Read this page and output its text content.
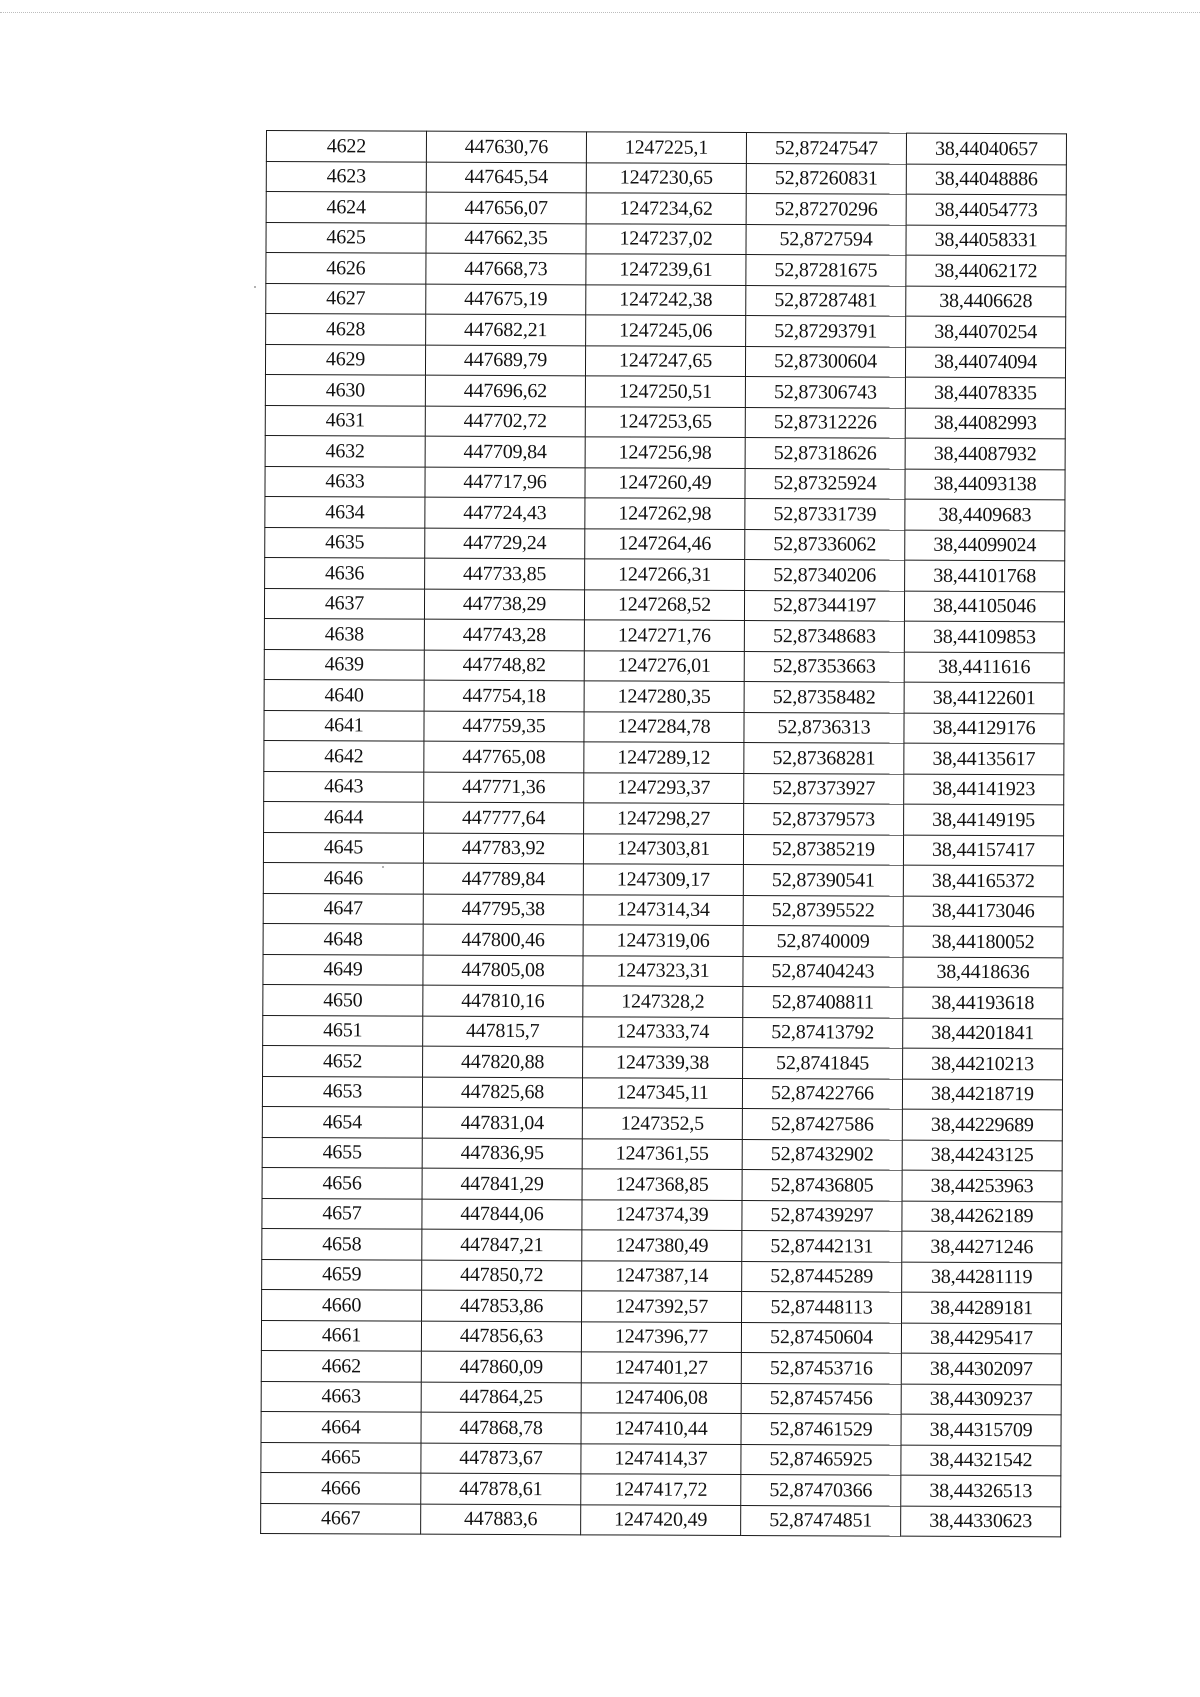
4622	447630,76	1247225,1	52,87247547	38,44040657
4623	447645,54	1247230,65	52,87260831	38,44048886
4624	447656,07	1247234,62	52,87270296	38,44054773
4625	447662,35	1247237,02	52,8727594	38,44058331
4626	447668,73	1247239,61	52,87281675	38,44062172
4627	447675,19	1247242,38	52,87287481	38,4406628
4628	447682,21	1247245,06	52,87293791	38,44070254
4629	447689,79	1247247,65	52,87300604	38,44074094
4630	447696,62	1247250,51	52,87306743	38,44078335
4631	447702,72	1247253,65	52,87312226	38,44082993
4632	447709,84	1247256,98	52,87318626	38,44087932
4633	447717,96	1247260,49	52,87325924	38,44093138
4634	447724,43	1247262,98	52,87331739	38,4409683
4635	447729,24	1247264,46	52,87336062	38,44099024
4636	447733,85	1247266,31	52,87340206	38,44101768
4637	447738,29	1247268,52	52,87344197	38,44105046
4638	447743,28	1247271,76	52,87348683	38,44109853
4639	447748,82	1247276,01	52,87353663	38,4411616
4640	447754,18	1247280,35	52,87358482	38,44122601
4641	447759,35	1247284,78	52,8736313	38,44129176
4642	447765,08	1247289,12	52,87368281	38,44135617
4643	447771,36	1247293,37	52,87373927	38,44141923
4644	447777,64	1247298,27	52,87379573	38,44149195
4645	447783,92	1247303,81	52,87385219	38,44157417
4646	447789,84	1247309,17	52,87390541	38,44165372
4647	447795,38	1247314,34	52,87395522	38,44173046
4648	447800,46	1247319,06	52,8740009	38,44180052
4649	447805,08	1247323,31	52,87404243	38,4418636
4650	447810,16	1247328,2	52,87408811	38,44193618
4651	447815,7	1247333,74	52,87413792	38,44201841
4652	447820,88	1247339,38	52,8741845	38,44210213
4653	447825,68	1247345,11	52,87422766	38,44218719
4654	447831,04	1247352,5	52,87427586	38,44229689
4655	447836,95	1247361,55	52,87432902	38,44243125
4656	447841,29	1247368,85	52,87436805	38,44253963
4657	447844,06	1247374,39	52,87439297	38,44262189
4658	447847,21	1247380,49	52,87442131	38,44271246
4659	447850,72	1247387,14	52,87445289	38,44281119
4660	447853,86	1247392,57	52,87448113	38,44289181
4661	447856,63	1247396,77	52,87450604	38,44295417
4662	447860,09	1247401,27	52,87453716	38,44302097
4663	447864,25	1247406,08	52,87457456	38,44309237
4664	447868,78	1247410,44	52,87461529	38,44315709
4665	447873,67	1247414,37	52,87465925	38,44321542
4666	447878,61	1247417,72	52,87470366	38,44326513
4667	447883,6	1247420,49	52,87474851	38,44330623
